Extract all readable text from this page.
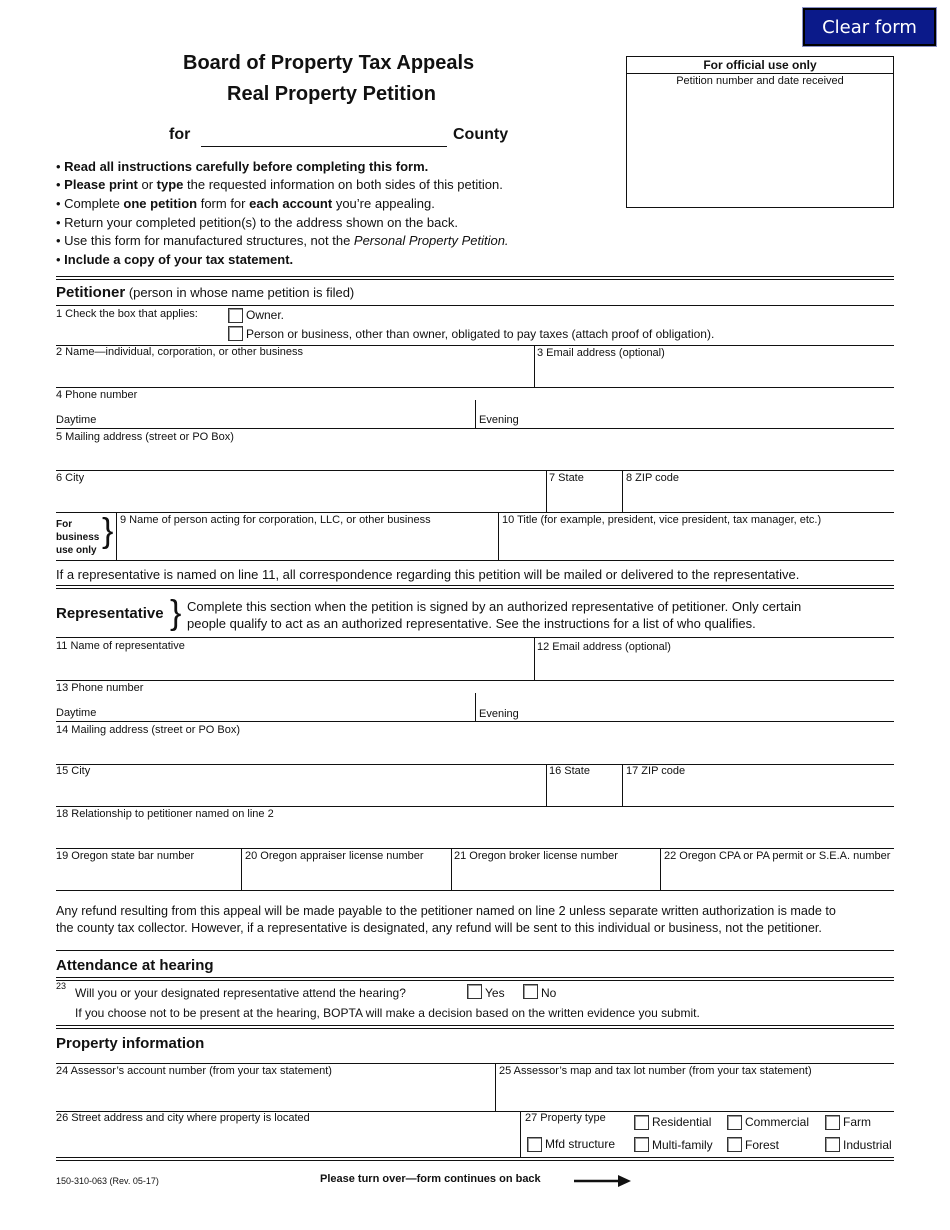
Clear form
Board of Property Tax Appeals
Real Property Petition
for	County
For official use only
Petition number and date received
• Read all instructions carefully before completing this form.
• Please print or type the requested information on both sides of this petition.
• Complete one petition form for each account you’re appealing.
• Return your completed petition(s) to the address shown on the back.
• Use this form for manufactured structures, not the Personal Property Petition.
• Include a copy of your tax statement.
Petitioner (person in whose name petition is filed)
1 Check the box that applies:	Owner.
Person or business, other than owner, obligated to pay taxes (attach proof of obligation).
2 Name—individual, corporation, or other business	3 Email address (optional)
4 Phone number
Daytime	Evening
5 Mailing address (street or PO Box)
6 City	7 State	8 ZIP code
For
business
use only
} 9 Name of person acting for corporation, LLC, or other business	10 Title (for example, president, vice president, tax manager, etc.)
If a representative is named on line 11, all correspondence regarding this petition will be mailed or delivered to the representative.
Representative } Complete this section when the petition is signed by an authorized representative of petitioner. Only certain
people qualify to act as an authorized representative. See the instructions for a list of who qualifies.
11 Name of representative	12 Email address (optional)
13 Phone number
Daytime	Evening
14 Mailing address (street or PO Box)
15 City	16 State	17 ZIP code
18 Relationship to petitioner named on line 2
19 Oregon state bar number	20 Oregon appraiser license number	21 Oregon broker license number	22 Oregon CPA or PA permit or S.E.A. number
Any refund resulting from this appeal will be made payable to the petitioner named on line 2 unless separate written authorization is made to
the county tax collector. However, if a representative is designated, any refund will be sent to this individual or business, not the petitioner.
Attendance at hearing
23 Will you or your designated representative attend the hearing?	Yes	No
If you choose not to be present at the hearing, BOPTA will make a decision based on the written evidence you submit.
Property information
24 Assessor’s account number (from your tax statement)	25 Assessor’s map and tax lot number (from your tax statement)
26 Street address and city where property is located	27 Property type	Residential	Commercial	Farm
Mfd structure	Multi-family	Forest	Industrial
150-310-063 (Rev. 05-17)	Please turn over—form continues on back
